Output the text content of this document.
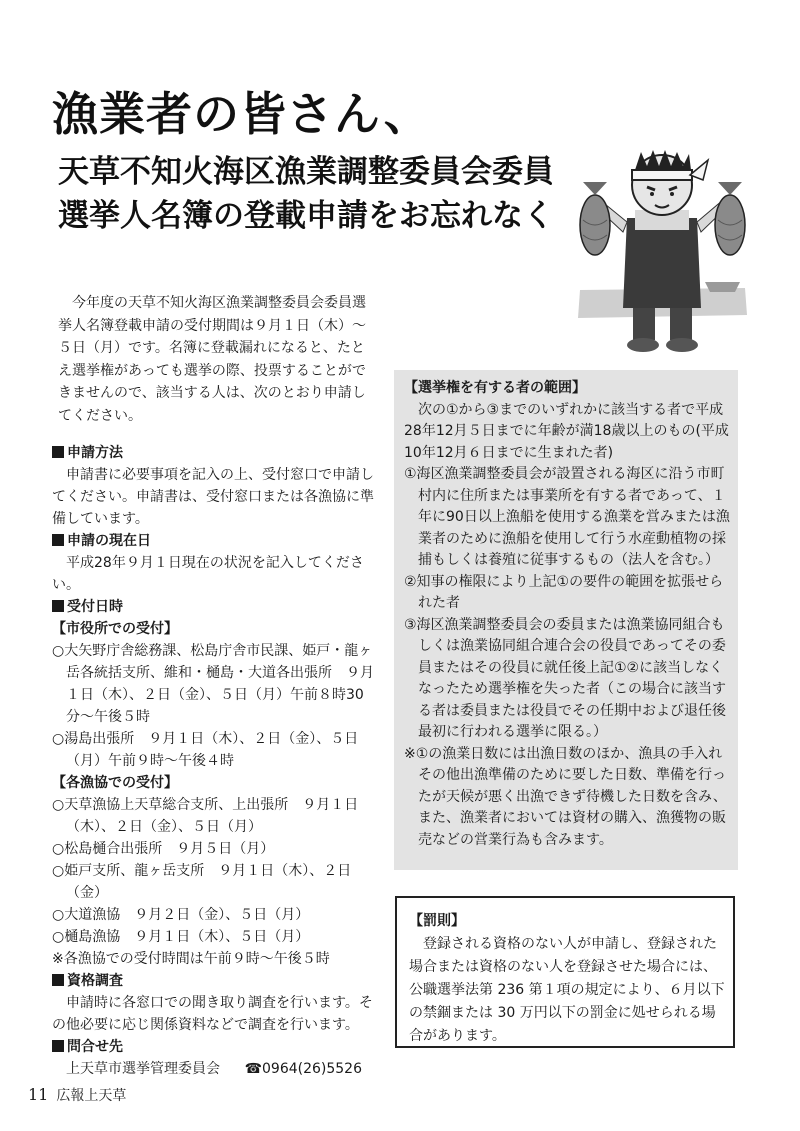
漁業者の皆さん、
天草不知火海区漁業調整委員会委員
選挙人名簿の登載申請をお忘れなく

今年度の天草不知火海区漁業調整委員会委員選挙人名簿登載申請の受付期間は９月１日（木）～５日（月）です。名簿に登載漏れになると、たとえ選挙権があっても選挙の際、投票することができませんので、該当する人は、次のとおり申請してください。

申請方法

申請書に必要事項を記入の上、受付窓口で申請してください。申請書は、受付窓口または各漁協に準備しています。

申請の現在日

平成28年９月１日現在の状況を記入してください。

受付日時

【市役所での受付】

○大矢野庁舎総務課、松島庁舎市民課、姫戸・龍ヶ岳各統括支所、維和・樋島・大道各出張所　９月１日（木）、２日（金）、５日（月）午前８時30分～午後５時

○湯島出張所　９月１日（木）、２日（金）、５日（月）午前９時～午後４時

【各漁協での受付】

○天草漁協上天草総合支所、上出張所　９月１日（木）、２日（金）、５日（月）

○松島樋合出張所　９月５日（月）

○姫戸支所、龍ヶ岳支所　９月１日（木）、２日（金）

○大道漁協　９月２日（金）、５日（月）

○樋島漁協　９月１日（木）、５日（月）

※各漁協での受付時間は午前９時～午後５時

資格調査

申請時に各窓口での聞き取り調査を行います。その他必要に応じ関係資料などで調査を行います。

問合せ先

上天草市選挙管理委員会 ☎0964(26)5526

【選挙権を有する者の範囲】

次の①から③までのいずれかに該当する者で平成28年12月５日までに年齢が満18歳以上のもの(平成10年12月６日までに生まれた者)

①海区漁業調整委員会が設置される海区に沿う市町村内に住所または事業所を有する者であって、１年に90日以上漁船を使用する漁業を営みまたは漁業者のために漁船を使用して行う水産動植物の採捕もしくは養殖に従事するもの（法人を含む。）

②知事の権限により上記①の要件の範囲を拡張せられた者

③海区漁業調整委員会の委員または漁業協同組合もしくは漁業協同組合連合会の役員であってその委員またはその役員に就任後上記①②に該当しなくなったため選挙権を失った者（この場合に該当する者は委員または役員でその任期中および退任後最初に行われる選挙に限る。）

※①の漁業日数には出漁日数のほか、漁具の手入れその他出漁準備のために要した日数、準備を行ったが天候が悪く出漁できず待機した日数を含み、また、漁業者においては資材の購入、漁獲物の販売などの営業行為も含みます。

【罰則】

登録される資格のない人が申請し、登録された場合または資格のない人を登録させた場合には、公職選挙法第 236 第１項の規定により、６月以下の禁錮または 30 万円以下の罰金に処せられる場合があります。

11 広報上天草
